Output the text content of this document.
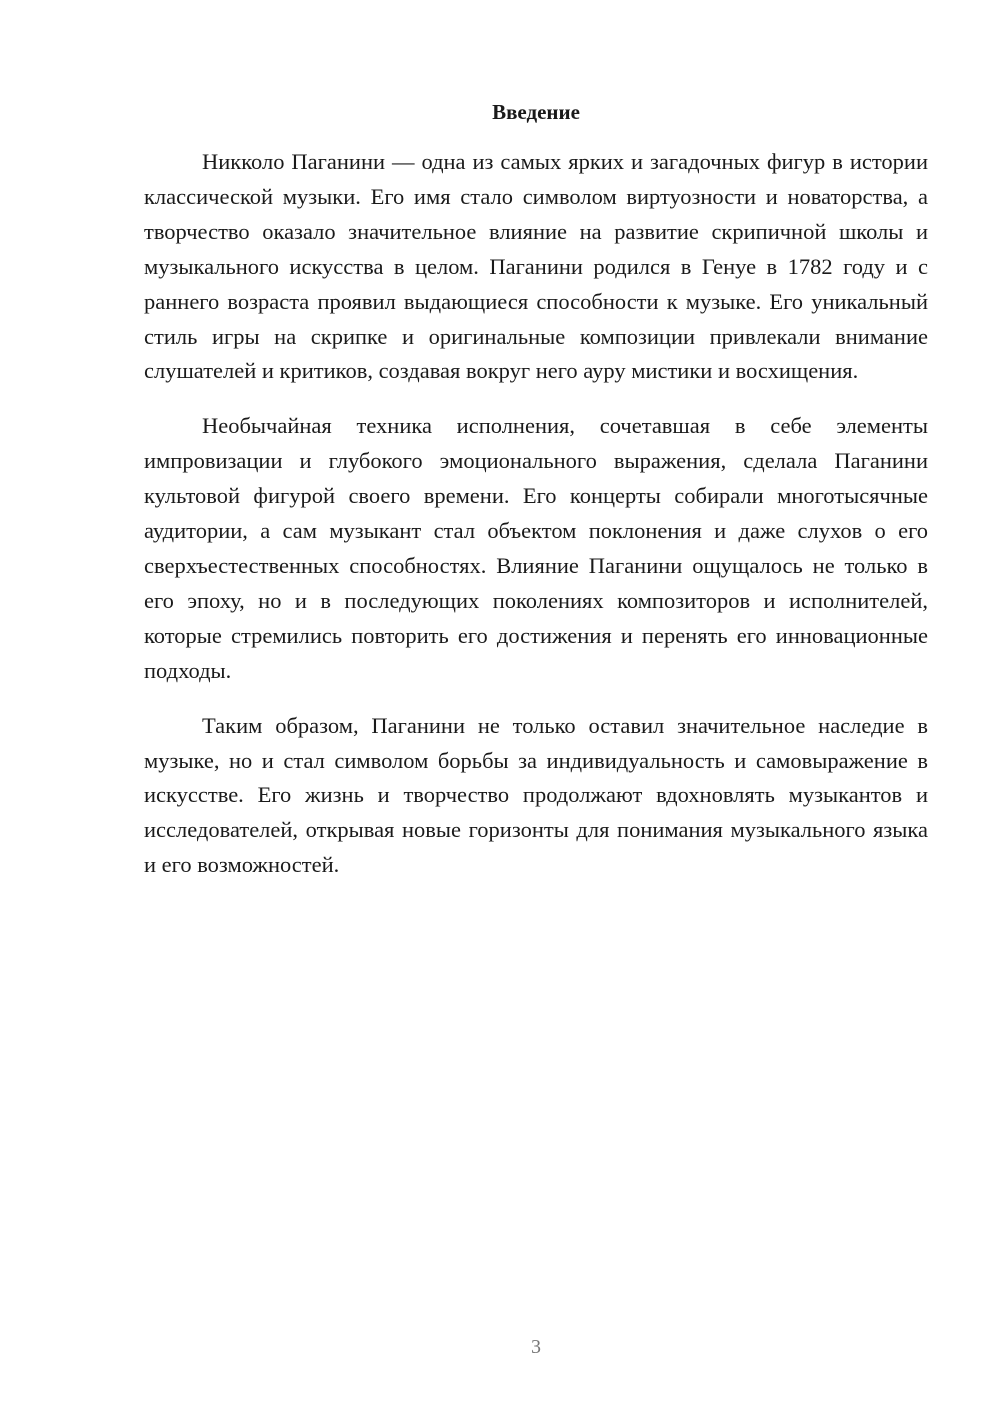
Введение

Никколо Паганини — одна из самых ярких и загадочных фигур в истории классической музыки. Его имя стало символом виртуозности и новаторства, а творчество оказало значительное влияние на развитие скрипичной школы и музыкального искусства в целом. Паганини родился в Генуе в 1782 году и с раннего возраста проявил выдающиеся способности к музыке. Его уникальный стиль игры на скрипке и оригинальные композиции привлекали внимание слушателей и критиков, создавая вокруг него ауру мистики и восхищения.

Необычайная техника исполнения, сочетавшая в себе элементы импровизации и глубокого эмоционального выражения, сделала Паганини культовой фигурой своего времени. Его концерты собирали многотысячные аудитории, а сам музыкант стал объектом поклонения и даже слухов о его сверхъестественных способностях. Влияние Паганини ощущалось не только в его эпоху, но и в последующих поколениях композиторов и исполнителей, которые стремились повторить его достижения и перенять его инновационные подходы.

Таким образом, Паганини не только оставил значительное наследие в музыке, но и стал символом борьбы за индивидуальность и самовыражение в искусстве. Его жизнь и творчество продолжают вдохновлять музыкантов и исследователей, открывая новые горизонты для понимания музыкального языка и его возможностей.

3
